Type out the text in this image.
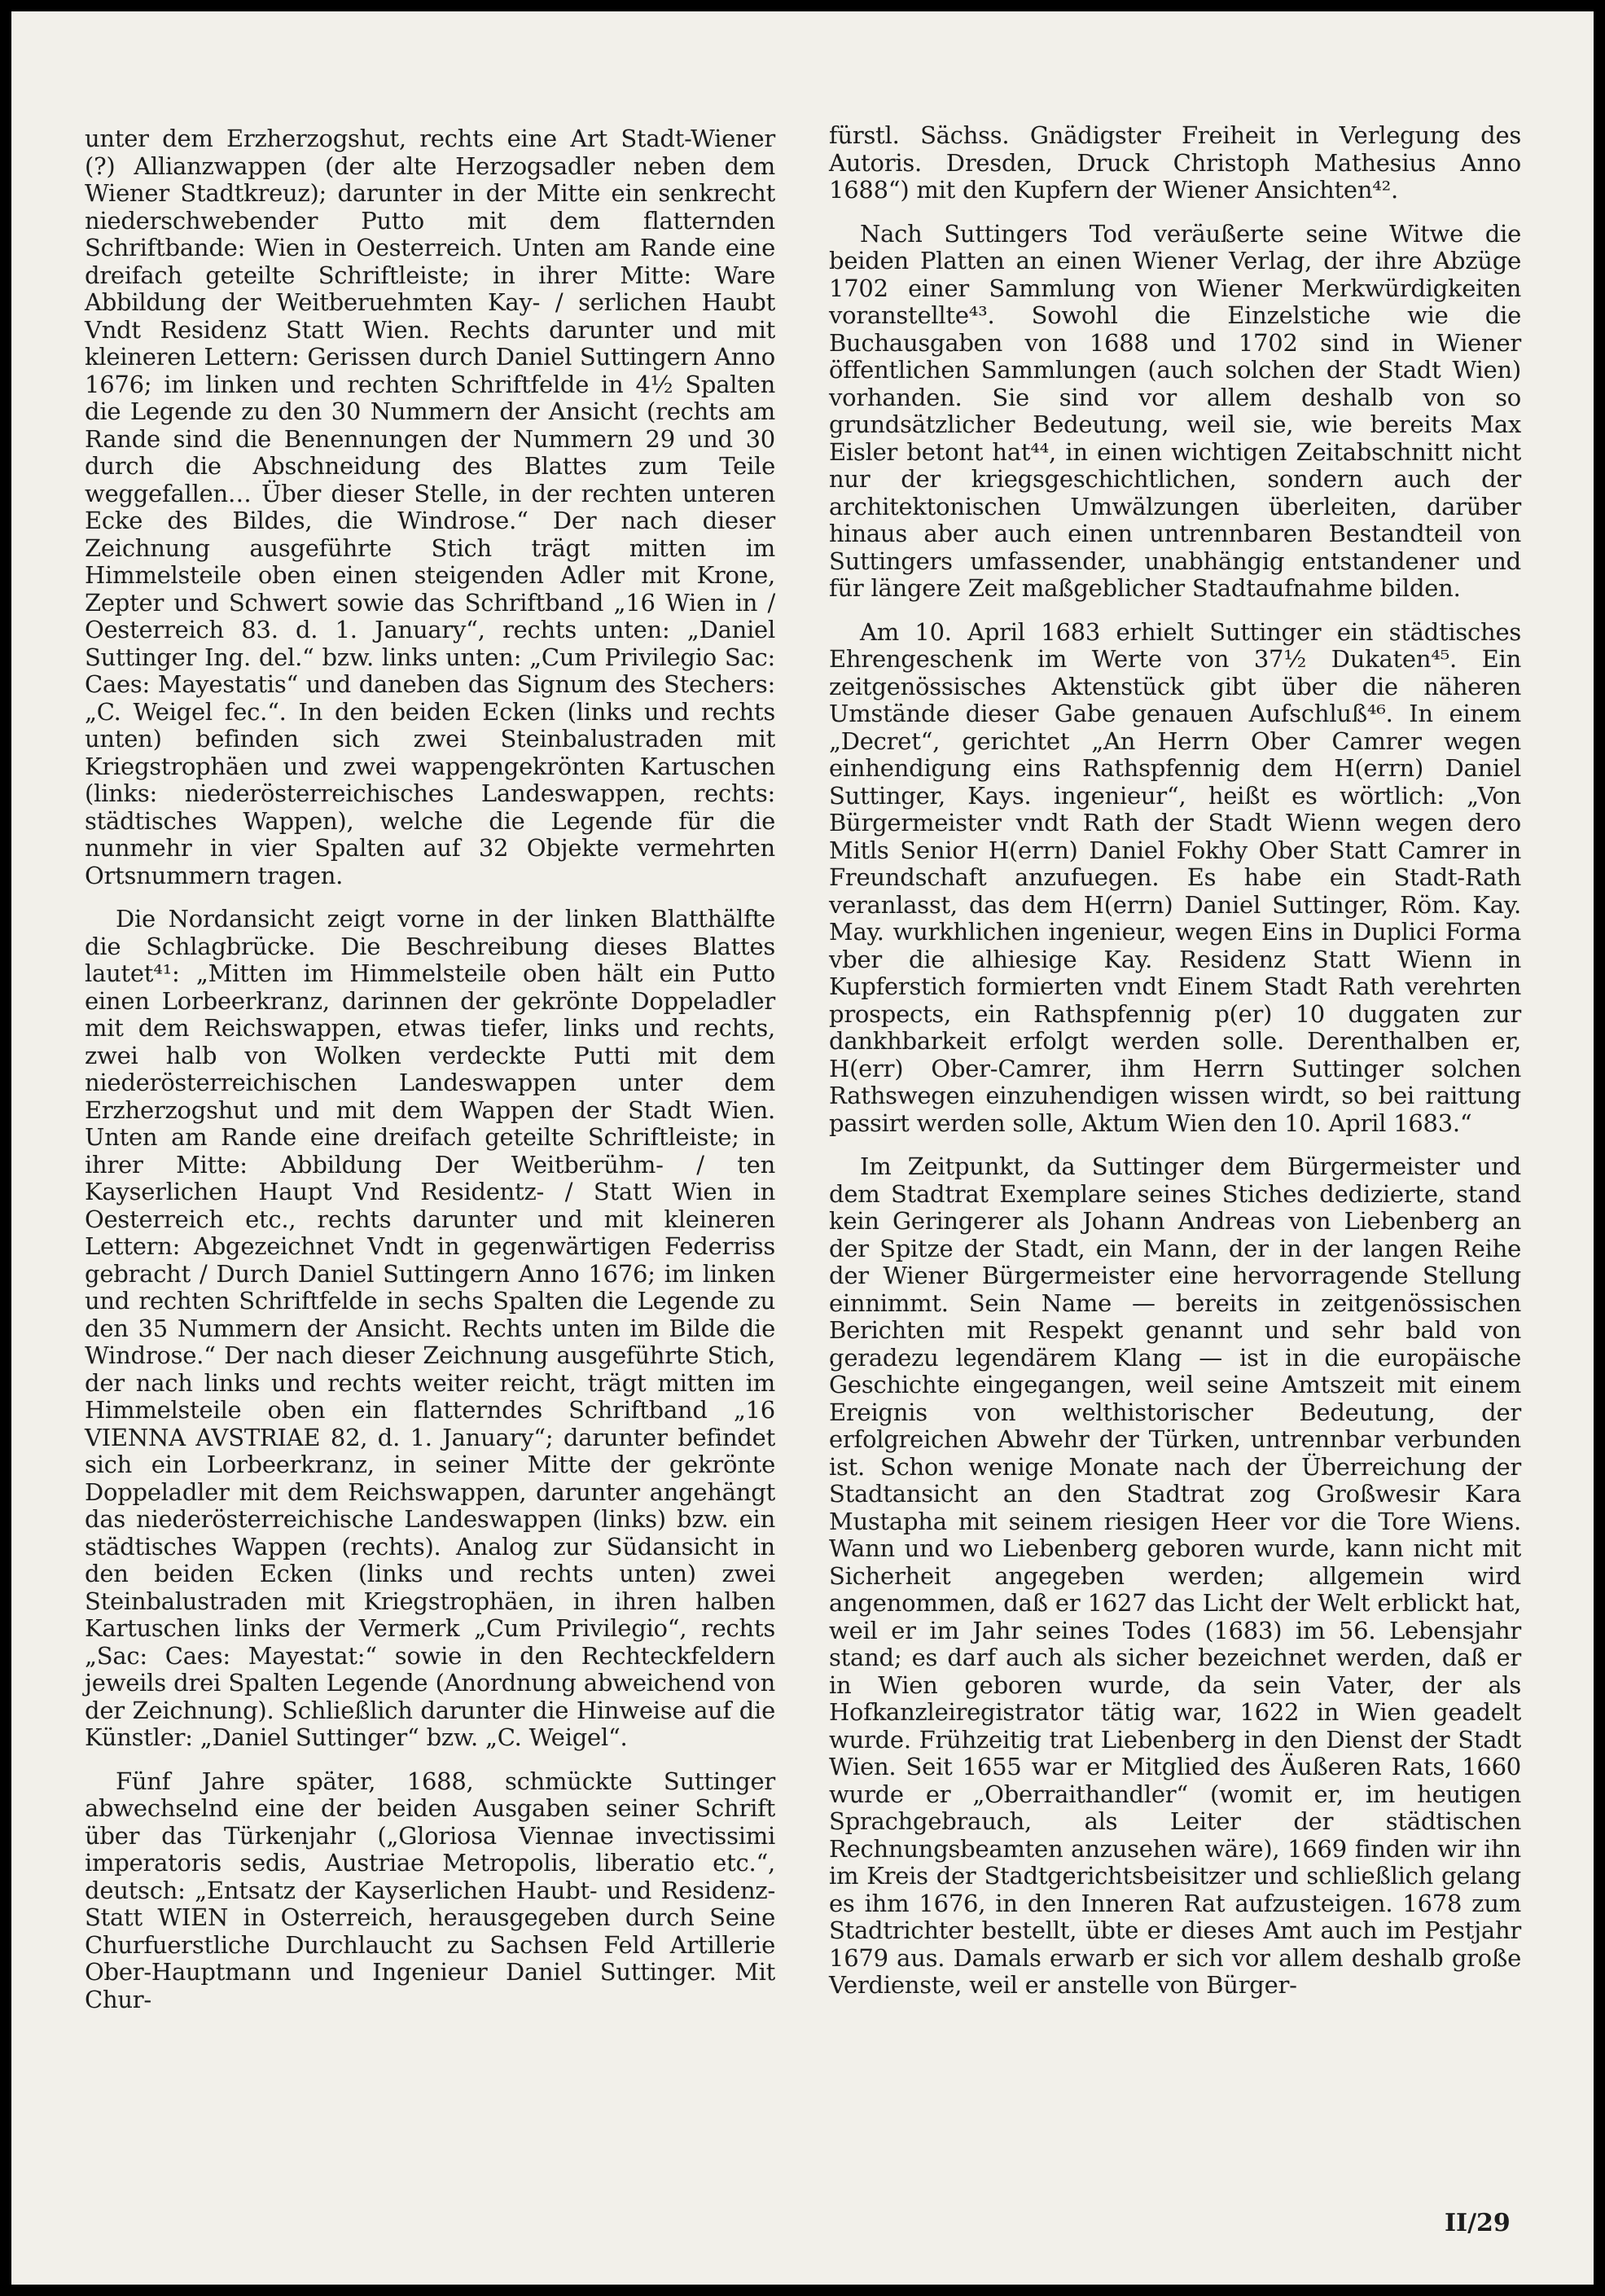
unter dem Erzherzogshut, rechts eine Art Stadt-Wiener (?) Allianzwappen (der alte Herzogsadler neben dem Wiener Stadtkreuz); darunter in der Mitte ein senkrecht niederschwebender Putto mit dem flatternden Schriftbande: Wien in Oesterreich. Unten am Rande eine dreifach geteilte Schriftleiste; in ihrer Mitte: Ware Abbildung der Weitberuehmten Kay- / serlichen Haubt Vndt Residenz Statt Wien. Rechts darunter und mit kleineren Lettern: Gerissen durch Daniel Suttingern Anno 1676; im linken und rechten Schriftfelde in 4½ Spalten die Legende zu den 30 Nummern der Ansicht (rechts am Rande sind die Benennungen der Nummern 29 und 30 durch die Abschneidung des Blattes zum Teile weggefallen… Über dieser Stelle, in der rechten unteren Ecke des Bildes, die Windrose.“ Der nach dieser Zeichnung ausgeführte Stich trägt mitten im Himmelsteile oben einen steigenden Adler mit Krone, Zepter und Schwert sowie das Schriftband „16 Wien in / Oesterreich 83. d. 1. January“, rechts unten: „Daniel Suttinger Ing. del.“ bzw. links unten: „Cum Privilegio Sac: Caes: Mayestatis“ und daneben das Signum des Stechers: „C. Weigel fec.“. In den beiden Ecken (links und rechts unten) befinden sich zwei Steinbalustraden mit Kriegstrophäen und zwei wappengekrönten Kartuschen (links: niederösterreichisches Landeswappen, rechts: städtisches Wappen), welche die Legende für die nunmehr in vier Spalten auf 32 Objekte vermehrten Ortsnummern tragen.

Die Nordansicht zeigt vorne in der linken Blatthälfte die Schlagbrücke. Die Beschreibung dieses Blattes lautet⁴¹: „Mitten im Himmelsteile oben hält ein Putto einen Lorbeerkranz, darinnen der gekrönte Doppeladler mit dem Reichswappen, etwas tiefer, links und rechts, zwei halb von Wolken verdeckte Putti mit dem niederösterreichischen Landeswappen unter dem Erzherzogshut und mit dem Wappen der Stadt Wien. Unten am Rande eine dreifach geteilte Schriftleiste; in ihrer Mitte: Abbildung Der Weitberühm- / ten Kayserlichen Haupt Vnd Residentz- / Statt Wien in Oesterreich etc., rechts darunter und mit kleineren Lettern: Abgezeichnet Vndt in gegenwärtigen Federriss gebracht / Durch Daniel Suttingern Anno 1676; im linken und rechten Schriftfelde in sechs Spalten die Legende zu den 35 Nummern der Ansicht. Rechts unten im Bilde die Windrose.“ Der nach dieser Zeichnung ausgeführte Stich, der nach links und rechts weiter reicht, trägt mitten im Himmelsteile oben ein flatterndes Schriftband „16 VIENNA AVSTRIAE 82, d. 1. January“; darunter befindet sich ein Lorbeerkranz, in seiner Mitte der gekrönte Doppeladler mit dem Reichswappen, darunter angehängt das niederösterreichische Landeswappen (links) bzw. ein städtisches Wappen (rechts). Analog zur Südansicht in den beiden Ecken (links und rechts unten) zwei Steinbalustraden mit Kriegstrophäen, in ihren halben Kartuschen links der Vermerk „Cum Privilegio“, rechts „Sac: Caes: Mayestat:“ sowie in den Rechteckfeldern jeweils drei Spalten Legende (Anordnung abweichend von der Zeichnung). Schließlich darunter die Hinweise auf die Künstler: „Daniel Suttinger“ bzw. „C. Weigel“.

Fünf Jahre später, 1688, schmückte Suttinger abwechselnd eine der beiden Ausgaben seiner Schrift über das Türkenjahr („Gloriosa Viennae invectissimi imperatoris sedis, Austriae Metropolis, liberatio etc.“, deutsch: „Entsatz der Kayserlichen Haubt- und Residenz-Statt WIEN in Osterreich, herausgegeben durch Seine Churfuerstliche Durchlaucht zu Sachsen Feld Artillerie Ober-Hauptmann und Ingenieur Daniel Suttinger. Mit Chur-

fürstl. Sächss. Gnädigster Freiheit in Verlegung des Autoris. Dresden, Druck Christoph Mathesius Anno 1688“) mit den Kupfern der Wiener Ansichten⁴².

Nach Suttingers Tod veräußerte seine Witwe die beiden Platten an einen Wiener Verlag, der ihre Abzüge 1702 einer Sammlung von Wiener Merkwürdigkeiten voranstellte⁴³. Sowohl die Einzelstiche wie die Buchausgaben von 1688 und 1702 sind in Wiener öffentlichen Sammlungen (auch solchen der Stadt Wien) vorhanden. Sie sind vor allem deshalb von so grundsätzlicher Bedeutung, weil sie, wie bereits Max Eisler betont hat⁴⁴, in einen wichtigen Zeitabschnitt nicht nur der kriegsgeschichtlichen, sondern auch der architektonischen Umwälzungen überleiten, darüber hinaus aber auch einen untrennbaren Bestandteil von Suttingers umfassender, unabhängig entstandener und für längere Zeit maßgeblicher Stadtaufnahme bilden.

Am 10. April 1683 erhielt Suttinger ein städtisches Ehrengeschenk im Werte von 37½ Dukaten⁴⁵. Ein zeitgenössisches Aktenstück gibt über die näheren Umstände dieser Gabe genauen Aufschluß⁴⁶. In einem „Decret“, gerichtet „An Herrn Ober Camrer wegen einhendigung eins Rathspfennig dem H(errn) Daniel Suttinger, Kays. ingenieur“, heißt es wörtlich: „Von Bürgermeister vndt Rath der Stadt Wienn wegen dero Mitls Senior H(errn) Daniel Fokhy Ober Statt Camrer in Freundschaft anzufuegen. Es habe ein Stadt-Rath veranlasst, das dem H(errn) Daniel Suttinger, Röm. Kay. May. wurkhlichen ingenieur, wegen Eins in Duplici Forma vber die alhiesige Kay. Residenz Statt Wienn in Kupferstich formierten vndt Einem Stadt Rath verehrten prospects, ein Rathspfennig p(er) 10 duggaten zur dankhbarkeit erfolgt werden solle. Derenthalben er, H(err) Ober-Camrer, ihm Herrn Suttinger solchen Rathswegen einzuhendigen wissen wirdt, so bei raittung passirt werden solle, Aktum Wien den 10. April 1683.“

Im Zeitpunkt, da Suttinger dem Bürgermeister und dem Stadtrat Exemplare seines Stiches dedizierte, stand kein Geringerer als Johann Andreas von Liebenberg an der Spitze der Stadt, ein Mann, der in der langen Reihe der Wiener Bürgermeister eine hervorragende Stellung einnimmt. Sein Name — bereits in zeitgenössischen Berichten mit Respekt genannt und sehr bald von geradezu legendärem Klang — ist in die europäische Geschichte eingegangen, weil seine Amtszeit mit einem Ereignis von welthistorischer Bedeutung, der erfolgreichen Abwehr der Türken, untrennbar verbunden ist. Schon wenige Monate nach der Überreichung der Stadtansicht an den Stadtrat zog Großwesir Kara Mustapha mit seinem riesigen Heer vor die Tore Wiens. Wann und wo Liebenberg geboren wurde, kann nicht mit Sicherheit angegeben werden; allgemein wird angenommen, daß er 1627 das Licht der Welt erblickt hat, weil er im Jahr seines Todes (1683) im 56. Lebensjahr stand; es darf auch als sicher bezeichnet werden, daß er in Wien geboren wurde, da sein Vater, der als Hofkanzleiregistrator tätig war, 1622 in Wien geadelt wurde. Frühzeitig trat Liebenberg in den Dienst der Stadt Wien. Seit 1655 war er Mitglied des Äußeren Rats, 1660 wurde er „Oberraithandler“ (womit er, im heutigen Sprachgebrauch, als Leiter der städtischen Rechnungsbeamten anzusehen wäre), 1669 finden wir ihn im Kreis der Stadtgerichtsbeisitzer und schließlich gelang es ihm 1676, in den Inneren Rat aufzusteigen. 1678 zum Stadtrichter bestellt, übte er dieses Amt auch im Pestjahr 1679 aus. Damals erwarb er sich vor allem deshalb große Verdienste, weil er anstelle von Bürger-

II/29
